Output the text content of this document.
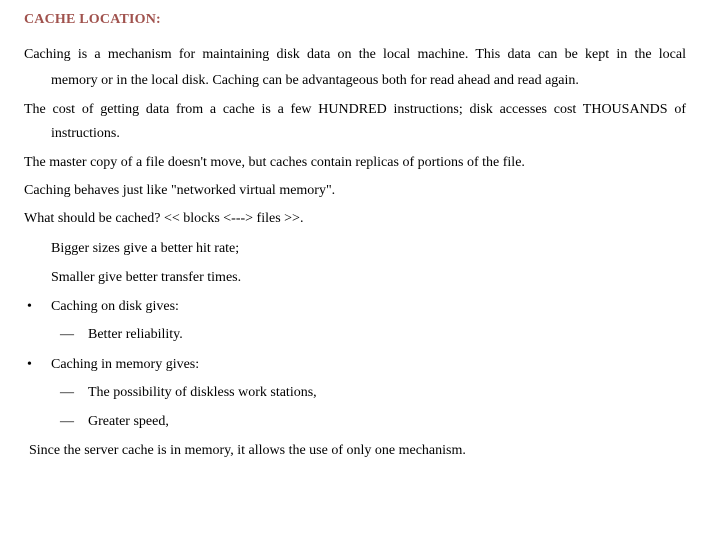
CACHE LOCATION:
Caching is a mechanism for maintaining disk data on the local machine. This data can be kept in the local
memory or in the local disk. Caching can be advantageous both for read ahead and read again.
The cost of getting data from a cache is a few HUNDRED instructions; disk accesses cost THOUSANDS of
instructions.
The master copy of a file doesn't move, but caches contain replicas of portions of the file.
Caching behaves just like "networked virtual memory".
What should be cached? << blocks <---> files >>.
Bigger sizes give a better hit rate;
Smaller give better transfer times.
• Caching on disk gives:
— Better reliability.
• Caching in memory gives:
— The possibility of diskless work stations,
— Greater speed,
Since the server cache is in memory, it allows the use of only one mechanism.
